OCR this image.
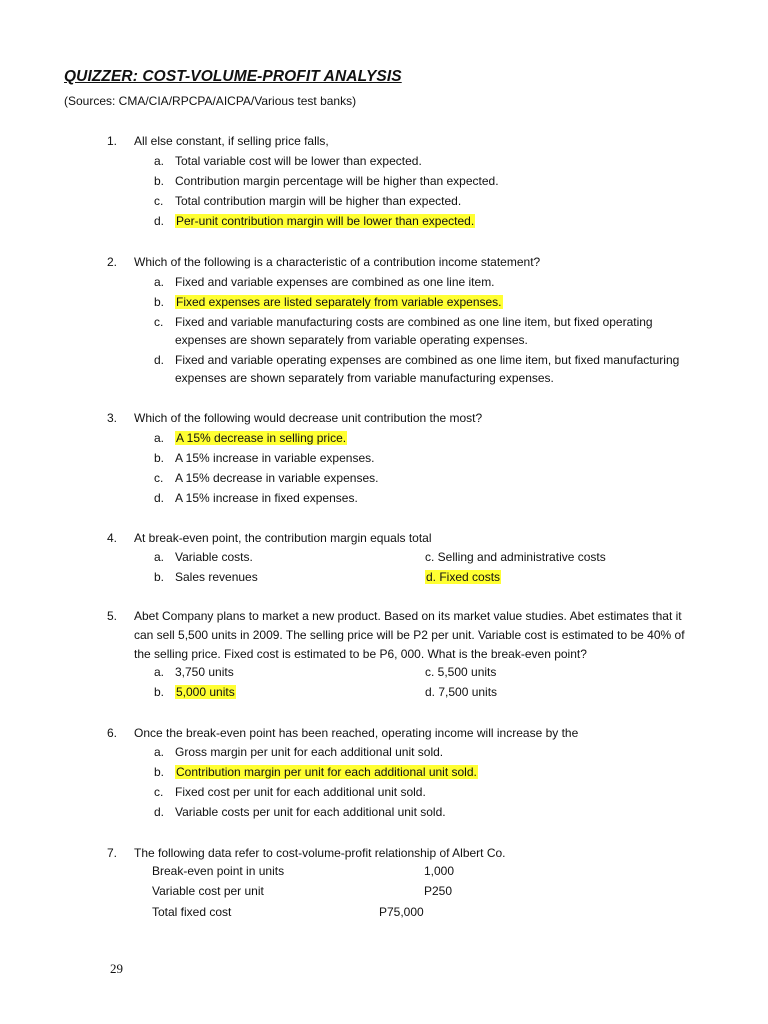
QUIZZER: COST-VOLUME-PROFIT ANALYSIS
(Sources: CMA/CIA/RPCPA/AICPA/Various test banks)
1. All else constant, if selling price falls,
a. Total variable cost will be lower than expected.
b. Contribution margin percentage will be higher than expected.
c. Total contribution margin will be higher than expected.
d. Per-unit contribution margin will be lower than expected.
2. Which of the following is a characteristic of a contribution income statement?
a. Fixed and variable expenses are combined as one line item.
b. Fixed expenses are listed separately from variable expenses.
c. Fixed and variable manufacturing costs are combined as one line item, but fixed operating expenses are shown separately from variable operating expenses.
d. Fixed and variable operating expenses are combined as one lime item, but fixed manufacturing expenses are shown separately from variable manufacturing expenses.
3. Which of the following would decrease unit contribution the most?
a. A 15% decrease in selling price.
b. A 15% increase in variable expenses.
c. A 15% decrease in variable expenses.
d. A 15% increase in fixed expenses.
4. At break-even point, the contribution margin equals total
a. Variable costs.	c. Selling and administrative costs
b. Sales revenues	d. Fixed costs
5. Abet Company plans to market a new product. Based on its market value studies. Abet estimates that it can sell 5,500 units in 2009. The selling price will be P2 per unit. Variable cost is estimated to be 40% of the selling price. Fixed cost is estimated to be P6, 000. What is the break-even point?
a. 3,750 units	c. 5,500 units
b. 5,000 units	d. 7,500 units
6. Once the break-even point has been reached, operating income will increase by the
a. Gross margin per unit for each additional unit sold.
b. Contribution margin per unit for each additional unit sold.
c. Fixed cost per unit for each additional unit sold.
d. Variable costs per unit for each additional unit sold.
7. The following data refer to cost-volume-profit relationship of Albert Co.
Break-even point in units	1,000
Variable cost per unit	P250
Total fixed cost	P75,000
29
